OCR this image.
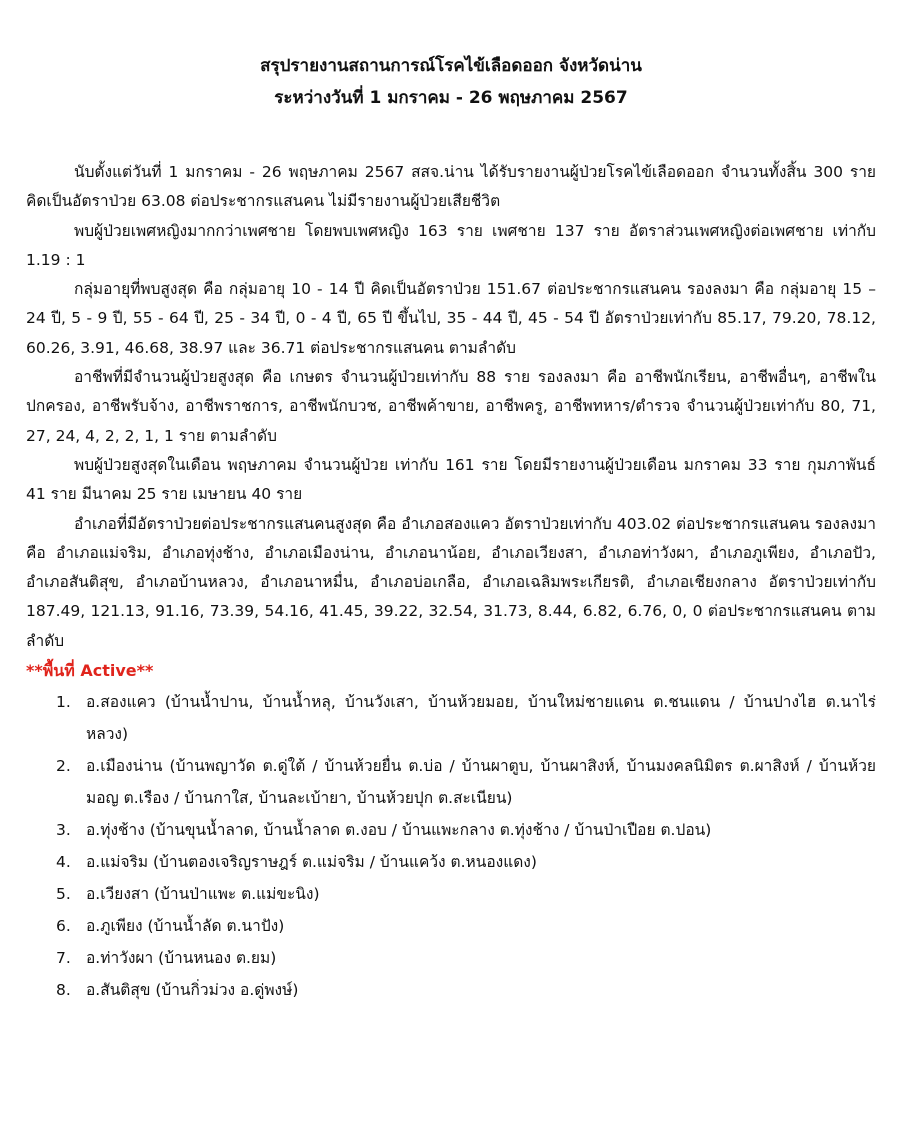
สรุปรายงานสถานการณ์โรคไข้เลือดออก จังหวัดน่าน
ระหว่างวันที่ 1 มกราคม - 26 พฤษภาคม 2567

นับตั้งแต่วันที่ 1 มกราคม - 26 พฤษภาคม 2567 สสจ.น่าน ได้รับรายงานผู้ป่วยโรคไข้เลือดออก จำนวนทั้งสิ้น 300 ราย คิดเป็นอัตราป่วย 63.08 ต่อประชากรแสนคน ไม่มีรายงานผู้ป่วยเสียชีวิต

พบผู้ป่วยเพศหญิงมากกว่าเพศชาย โดยพบเพศหญิง 163 ราย เพศชาย 137 ราย อัตราส่วนเพศหญิงต่อเพศชาย เท่ากับ 1.19 : 1

กลุ่มอายุที่พบสูงสุด คือ กลุ่มอายุ 10 - 14 ปี คิดเป็นอัตราป่วย 151.67 ต่อประชากรแสนคน รองลงมา คือ กลุ่มอายุ 15 – 24 ปี, 5 - 9 ปี, 55 - 64 ปี, 25 - 34 ปี, 0 - 4 ปี, 65 ปี ขึ้นไป, 35 - 44 ปี, 45 - 54 ปี อัตราป่วยเท่ากับ 85.17, 79.20, 78.12, 60.26, 3.91, 46.68, 38.97 และ 36.71 ต่อประชากรแสนคน ตามลำดับ

อาชีพที่มีจำนวนผู้ป่วยสูงสุด คือ เกษตร จำนวนผู้ป่วยเท่ากับ 88 ราย รองลงมา คือ อาชีพนักเรียน, อาชีพอื่นๆ, อาชีพในปกครอง, อาชีพรับจ้าง, อาชีพราชการ, อาชีพนักบวช, อาชีพค้าขาย, อาชีพครู, อาชีพทหาร/ตำรวจ จำนวนผู้ป่วยเท่ากับ 80, 71, 27, 24, 4, 2, 2, 1, 1 ราย ตามลำดับ

พบผู้ป่วยสูงสุดในเดือน พฤษภาคม จำนวนผู้ป่วย เท่ากับ 161 ราย โดยมีรายงานผู้ป่วยเดือน มกราคม 33 ราย กุมภาพันธ์ 41 ราย มีนาคม 25 ราย เมษายน 40 ราย

อำเภอที่มีอัตราป่วยต่อประชากรแสนคนสูงสุด คือ อำเภอสองแคว อัตราป่วยเท่ากับ 403.02 ต่อประชากรแสนคน รองลงมาคือ อำเภอแม่จริม, อำเภอทุ่งช้าง, อำเภอเมืองน่าน, อำเภอนาน้อย, อำเภอเวียงสา, อำเภอท่าวังผา, อำเภอภูเพียง, อำเภอปัว, อำเภอสันติสุข, อำเภอบ้านหลวง, อำเภอนาหมื่น, อำเภอบ่อเกลือ, อำเภอเฉลิมพระเกียรติ, อำเภอเชียงกลาง อัตราป่วยเท่ากับ 187.49, 121.13, 91.16, 73.39, 54.16, 41.45, 39.22, 32.54, 31.73, 8.44, 6.82, 6.76, 0, 0 ต่อประชากรแสนคน ตามลำดับ

**พื้นที่ Active**

1. อ.สองแคว (บ้านน้ำปาน, บ้านน้ำหลุ, บ้านวังเสา, บ้านห้วยมอย, บ้านใหม่ชายแดน ต.ชนแดน / บ้านปางไฮ ต.นาไร่หลวง)
2. อ.เมืองน่าน (บ้านพญาวัด ต.ดู่ใต้ / บ้านห้วยยื่น ต.บ่อ / บ้านผาตูบ, บ้านผาสิงห์, บ้านมงคลนิมิตร ต.ผาสิงห์ / บ้านห้วยมอญ ต.เรือง / บ้านกาใส, บ้านละเบ้ายา, บ้านห้วยปุก ต.สะเนียน)
3. อ.ทุ่งช้าง (บ้านขุนน้ำลาด, บ้านน้ำลาด ต.งอบ / บ้านแพะกลาง ต.ทุ่งช้าง / บ้านป่าเปือย ต.ปอน)
4. อ.แม่จริม (บ้านตองเจริญราษฎร์ ต.แม่จริม / บ้านแคว้ง ต.หนองแดง)
5. อ.เวียงสา (บ้านป่าแพะ ต.แม่ขะนิง)
6. อ.ภูเพียง (บ้านน้ำลัด ต.นาปัง)
7. อ.ท่าวังผา (บ้านหนอง ต.ยม)
8. อ.สันติสุข (บ้านกิ่วม่วง อ.ดู่พงษ์)
